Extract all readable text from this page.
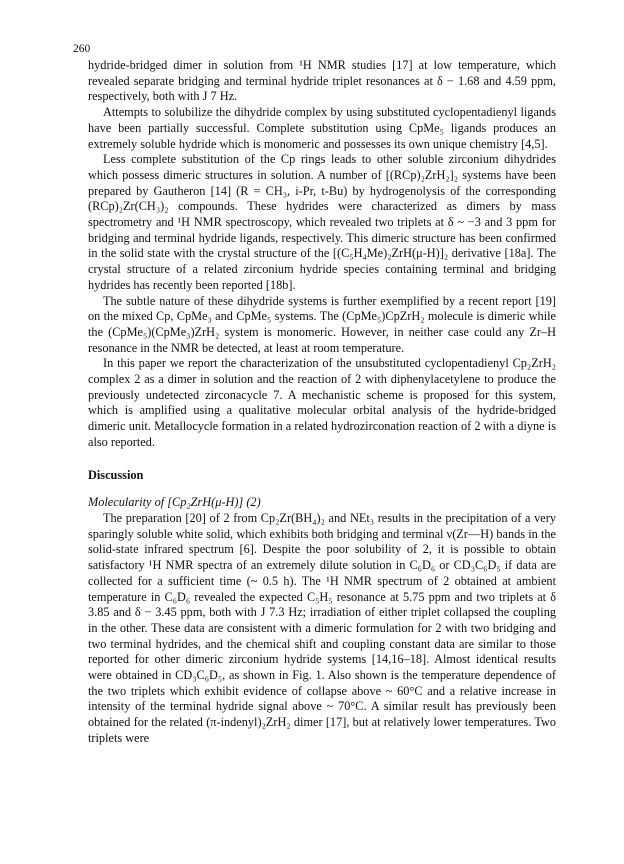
260

hydride-bridged dimer in solution from ¹H NMR studies [17] at low temperature, which revealed separate bridging and terminal hydride triplet resonances at δ − 1.68 and 4.59 ppm, respectively, both with J 7 Hz.

Attempts to solubilize the dihydride complex by using substituted cyclopentadienyl ligands have been partially successful. Complete substitution using CpMe₅ ligands produces an extremely soluble hydride which is monomeric and possesses its own unique chemistry [4,5].

Less complete substitution of the Cp rings leads to other soluble zirconium dihydrides which possess dimeric structures in solution. A number of [(RCp)₂ZrH₂]₂ systems have been prepared by Gautheron [14] (R = CH₃, i-Pr, t-Bu) by hydrogenolysis of the corresponding (RCp)₂Zr(CH₃)₂ compounds. These hydrides were characterized as dimers by mass spectrometry and ¹H NMR spectroscopy, which revealed two triplets at δ ~ −3 and 3 ppm for bridging and terminal hydride ligands, respectively. This dimeric structure has been confirmed in the solid state with the crystal structure of the [(C₅H₄Me)₂ZrH(μ-H)]₂ derivative [18a]. The crystal structure of a related zirconium hydride species containing terminal and bridging hydrides has recently been reported [18b].

The subtle nature of these dihydride systems is further exemplified by a recent report [19] on the mixed Cp, CpMe₃ and CpMe₅ systems. The (CpMe₅)CpZrH₂ molecule is dimeric while the (CpMe₅)(CpMe₃)ZrH₂ system is monomeric. However, in neither case could any Zr–H resonance in the NMR be detected, at least at room temperature.

In this paper we report the characterization of the unsubstituted cyclopentadienyl Cp₂ZrH₂ complex 2 as a dimer in solution and the reaction of 2 with diphenylacetylene to produce the previously undetected zirconacycle 7. A mechanistic scheme is proposed for this system, which is amplified using a qualitative molecular orbital analysis of the hydride-bridged dimeric unit. Metallocycle formation in a related hydrozirconation reaction of 2 with a diyne is also reported.

Discussion

Molecularity of [Cp₂ZrH(μ-H)] (2)

The preparation [20] of 2 from Cp₂Zr(BH₄)₂ and NEt₃ results in the precipitation of a very sparingly soluble white solid, which exhibits both bridging and terminal ν(Zr—H) bands in the solid-state infrared spectrum [6]. Despite the poor solubility of 2, it is possible to obtain satisfactory ¹H NMR spectra of an extremely dilute solution in C₆D₆ or CD₃C₆D₅ if data are collected for a sufficient time (~ 0.5 h). The ¹H NMR spectrum of 2 obtained at ambient temperature in C₆D₆ revealed the expected C₅H₅ resonance at 5.75 ppm and two triplets at δ 3.85 and δ − 3.45 ppm, both with J 7.3 Hz; irradiation of either triplet collapsed the coupling in the other. These data are consistent with a dimeric formulation for 2 with two bridging and two terminal hydrides, and the chemical shift and coupling constant data are similar to those reported for other dimeric zirconium hydride systems [14,16–18]. Almost identical results were obtained in CD₃C₆D₅, as shown in Fig. 1. Also shown is the temperature dependence of the two triplets which exhibit evidence of collapse above ~ 60°C and a relative increase in intensity of the terminal hydride signal above ~ 70°C. A similar result has previously been obtained for the related (π-indenyl)₂ZrH₂ dimer [17], but at relatively lower temperatures. Two triplets were
